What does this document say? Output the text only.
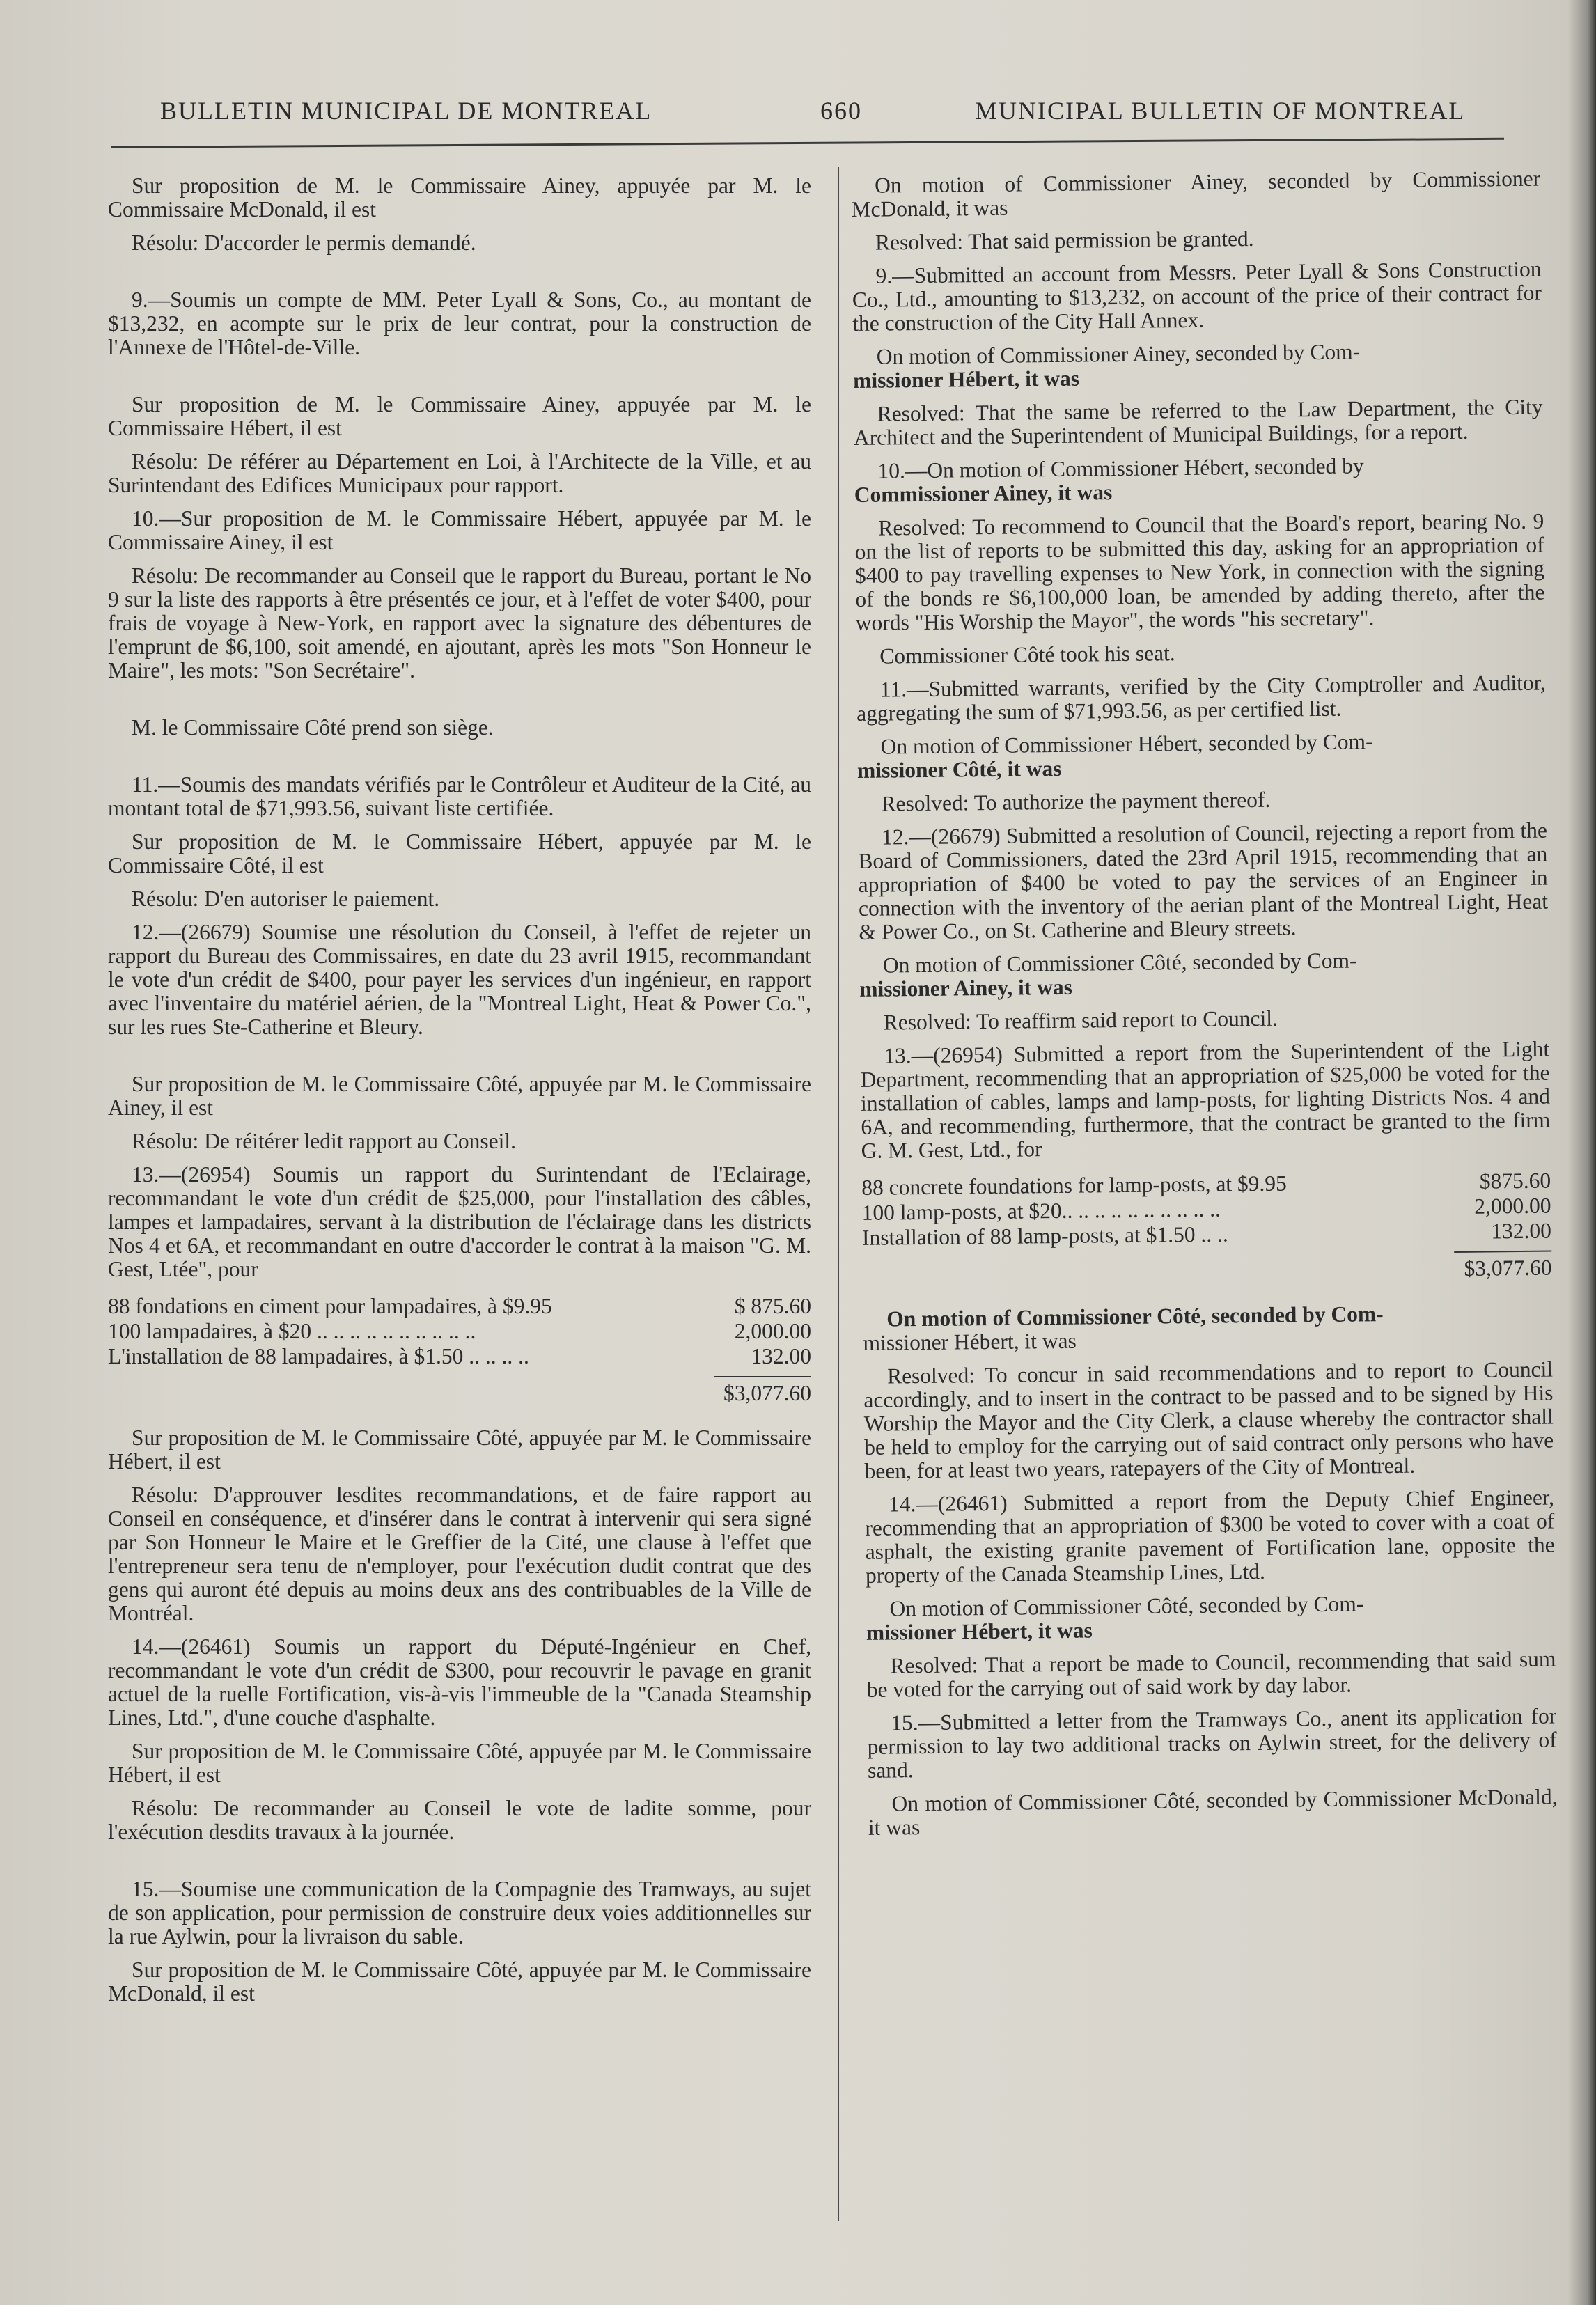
BULLETIN MUNICIPAL DE MONTREAL	660	MUNICIPAL BULLETIN OF MONTREAL

Sur proposition de M. le Commissaire Ainey, appuyée par M. le Commissaire McDonald, il est

Résolu: D'accorder le permis demandé.

9.—Soumis un compte de MM. Peter Lyall & Sons, Co., au montant de $13,232, en acompte sur le prix de leur contrat, pour la construction de l'Annexe de l'Hôtel-de-Ville.

Sur proposition de M. le Commissaire Ainey, appuyée par M. le Commissaire Hébert, il est

Résolu: De référer au Département en Loi, à l'Architecte de la Ville, et au Surintendant des Edifices Municipaux pour rapport.

10.—Sur proposition de M. le Commissaire Hébert, appuyée par M. le Commissaire Ainey, il est

Résolu: De recommander au Conseil que le rapport du Bureau, portant le No 9 sur la liste des rapports à être présentés ce jour, et à l'effet de voter $400, pour frais de voyage à New-York, en rapport avec la signature des débentures de l'emprunt de $6,100, soit amendé, en ajoutant, après les mots "Son Honneur le Maire", les mots: "Son Secrétaire".

M. le Commissaire Côté prend son siège.

11.—Soumis des mandats vérifiés par le Contrôleur et Auditeur de la Cité, au montant total de $71,993.56, suivant liste certifiée.

Sur proposition de M. le Commissaire Hébert, appuyée par M. le Commissaire Côté, il est

Résolu: D'en autoriser le paiement.

12.—(26679) Soumise une résolution du Conseil, à l'effet de rejeter un rapport du Bureau des Commissaires, en date du 23 avril 1915, recommandant le vote d'un crédit de $400, pour payer les services d'un ingénieur, en rapport avec l'inventaire du matériel aérien, de la "Montreal Light, Heat & Power Co.", sur les rues Ste-Catherine et Bleury.

Sur proposition de M. le Commissaire Côté, appuyée par M. le Commissaire Ainey, il est

Résolu: De réitérer ledit rapport au Conseil.

13.—(26954) Soumis un rapport du Surintendant de l'Eclairage, recommandant le vote d'un crédit de $25,000, pour l'installation des câbles, lampes et lampadaires, servant à la distribution de l'éclairage dans les districts Nos 4 et 6A, et recommandant en outre d'accorder le contrat à la maison "G. M. Gest, Ltée", pour

88 fondations en ciment pour lampadaires, à $9.95	$ 875.60
100 lampadaires, à $20 .. .. .. .. .. .. .. .. .. ..	2,000.00
L'installation de 88 lampadaires, à $1.50 .. .. .. ..	132.00
$3,077.60

Sur proposition de M. le Commissaire Côté, appuyée par M. le Commissaire Hébert, il est

Résolu: D'approuver lesdites recommandations, et de faire rapport au Conseil en conséquence, et d'insérer dans le contrat à intervenir qui sera signé par Son Honneur le Maire et le Greffier de la Cité, une clause à l'effet que l'entrepreneur sera tenu de n'employer, pour l'exécution dudit contrat que des gens qui auront été depuis au moins deux ans des contribuables de la Ville de Montréal.

14.—(26461) Soumis un rapport du Député-Ingénieur en Chef, recommandant le vote d'un crédit de $300, pour recouvrir le pavage en granit actuel de la ruelle Fortification, vis-à-vis l'immeuble de la "Canada Steamship Lines, Ltd.", d'une couche d'asphalte.

Sur proposition de M. le Commissaire Côté, appuyée par M. le Commissaire Hébert, il est

Résolu: De recommander au Conseil le vote de ladite somme, pour l'exécution desdits travaux à la journée.

15.—Soumise une communication de la Compagnie des Tramways, au sujet de son application, pour permission de construire deux voies additionnelles sur la rue Aylwin, pour la livraison du sable.

Sur proposition de M. le Commissaire Côté, appuyée par M. le Commissaire McDonald, il est

On motion of Commissioner Ainey, seconded by Commissioner McDonald, it was

Resolved: That said permission be granted.

9.—Submitted an account from Messrs. Peter Lyall & Sons Construction Co., Ltd., amounting to $13,232, on account of the price of their contract for the construction of the City Hall Annex.

On motion of Commissioner Ainey, seconded by Com-
missioner Hébert, it was

Resolved: That the same be referred to the Law Department, the City Architect and the Superintendent of Municipal Buildings, for a report.

10.—On motion of Commissioner Hébert, seconded by
Commissioner Ainey, it was

Resolved: To recommend to Council that the Board's report, bearing No. 9 on the list of reports to be submitted this day, asking for an appropriation of $400 to pay travelling expenses to New York, in connection with the signing of the bonds re $6,100,000 loan, be amended by adding thereto, after the words "His Worship the Mayor", the words "his secretary".

Commissioner Côté took his seat.

11.—Submitted warrants, verified by the City Comptroller and Auditor, aggregating the sum of $71,993.56, as per certified list.

On motion of Commissioner Hébert, seconded by Com-
missioner Côté, it was

Resolved: To authorize the payment thereof.

12.—(26679) Submitted a resolution of Council, rejecting a report from the Board of Commissioners, dated the 23rd April 1915, recommending that an appropriation of $400 be voted to pay the services of an Engineer in connection with the inventory of the aerian plant of the Montreal Light, Heat & Power Co., on St. Catherine and Bleury streets.

On motion of Commissioner Côté, seconded by Com-
missioner Ainey, it was

Resolved: To reaffirm said report to Council.

13.—(26954) Submitted a report from the Superintendent of the Light Department, recommending that an appropriation of $25,000 be voted for the installation of cables, lamps and lamp-posts, for lighting Districts Nos. 4 and 6A, and recommending, furthermore, that the contract be granted to the firm G. M. Gest, Ltd., for

88 concrete foundations for lamp-posts, at $9.95	$875.60
100 lamp-posts, at $20.. .. .. .. .. .. .. .. .. ..	2,000.00
Installation of 88 lamp-posts, at $1.50 .. ..	132.00
$3,077.60

On motion of Commissioner Côté, seconded by Com-
missioner Hébert, it was

Resolved: To concur in said recommendations and to report to Council accordingly, and to insert in the contract to be passed and to be signed by His Worship the Mayor and the City Clerk, a clause whereby the contractor shall be held to employ for the carrying out of said contract only persons who have been, for at least two years, ratepayers of the City of Montreal.

14.—(26461) Submitted a report from the Deputy Chief Engineer, recommending that an appropriation of $300 be voted to cover with a coat of asphalt, the existing granite pavement of Fortification lane, opposite the property of the Canada Steamship Lines, Ltd.

On motion of Commissioner Côté, seconded by Com-
missioner Hébert, it was

Resolved: That a report be made to Council, recommending that said sum be voted for the carrying out of said work by day labor.

15.—Submitted a letter from the Tramways Co., anent its application for permission to lay two additional tracks on Aylwin street, for the delivery of sand.

On motion of Commissioner Côté, seconded by Commissioner McDonald, it was
